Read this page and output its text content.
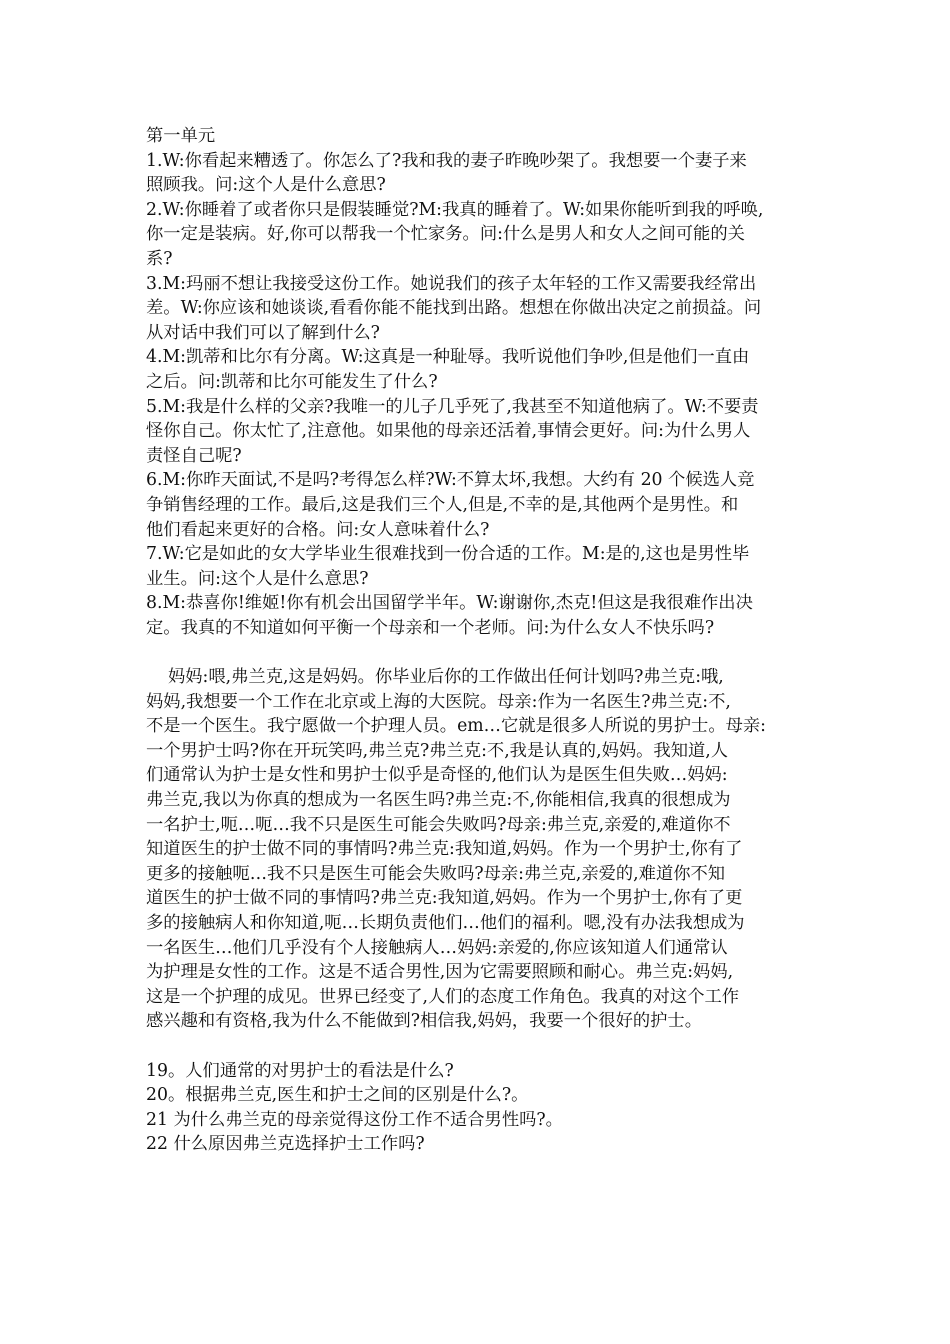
第一单元

1.W:你看起来糟透了。你怎么了?我和我的妻子昨晚吵架了。我想要一个妻子来

照顾我。问:这个人是什么意思?

2.W:你睡着了或者你只是假装睡觉?M:我真的睡着了。W:如果你能听到我的呼唤,

你一定是装病。好,你可以帮我一个忙家务。问:什么是男人和女人之间可能的关

系?

3.M:玛丽不想让我接受这份工作。她说我们的孩子太年轻的工作又需要我经常出

差。W:你应该和她谈谈,看看你能不能找到出路。想想在你做出决定之前损益。问

从对话中我们可以了解到什么?

4.M:凯蒂和比尔有分离。W:这真是一种耻辱。我听说他们争吵,但是他们一直由

之后。问:凯蒂和比尔可能发生了什么?

5.M:我是什么样的父亲?我唯一的儿子几乎死了,我甚至不知道他病了。W:不要责

怪你自己。你太忙了,注意他。如果他的母亲还活着,事情会更好。问:为什么男人

责怪自己呢?

6.M:你昨天面试,不是吗?考得怎么样?W:不算太坏,我想。大约有 20 个候选人竞

争销售经理的工作。最后,这是我们三个人,但是,不幸的是,其他两个是男性。和

他们看起来更好的合格。问:女人意味着什么?

7.W:它是如此的女大学毕业生很难找到一份合适的工作。M:是的,这也是男性毕

业生。问:这个人是什么意思?

8.M:恭喜你!维姬!你有机会出国留学半年。W:谢谢你,杰克!但这是我很难作出决

定。我真的不知道如何平衡一个母亲和一个老师。问:为什么女人不快乐吗?

妈妈:喂,弗兰克,这是妈妈。你毕业后你的工作做出任何计划吗?弗兰克:哦,

妈妈,我想要一个工作在北京或上海的大医院。母亲:作为一名医生?弗兰克:不,

不是一个医生。我宁愿做一个护理人员。em…它就是很多人所说的男护士。母亲:

一个男护士吗?你在开玩笑吗,弗兰克?弗兰克:不,我是认真的,妈妈。我知道,人

们通常认为护士是女性和男护士似乎是奇怪的,他们认为是医生但失败…妈妈:

弗兰克,我以为你真的想成为一名医生吗?弗兰克:不,你能相信,我真的很想成为

一名护士,呃…呃…我不只是医生可能会失败吗?母亲:弗兰克,亲爱的,难道你不

知道医生的护士做不同的事情吗?弗兰克:我知道,妈妈。作为一个男护士,你有了

更多的接触呃…我不只是医生可能会失败吗?母亲:弗兰克,亲爱的,难道你不知

道医生的护士做不同的事情吗?弗兰克:我知道,妈妈。作为一个男护士,你有了更

多的接触病人和你知道,呃…长期负责他们…他们的福利。嗯,没有办法我想成为

一名医生…他们几乎没有个人接触病人…妈妈:亲爱的,你应该知道人们通常认

为护理是女性的工作。这是不适合男性,因为它需要照顾和耐心。弗兰克:妈妈,

这是一个护理的成见。世界已经变了,人们的态度工作角色。我真的对这个工作

感兴趣和有资格,我为什么不能做到?相信我,妈妈，我要一个很好的护士。

19。人们通常的对男护士的看法是什么?

20。根据弗兰克,医生和护士之间的区别是什么?。

21 为什么弗兰克的母亲觉得这份工作不适合男性吗?。

22 什么原因弗兰克选择护士工作吗?
